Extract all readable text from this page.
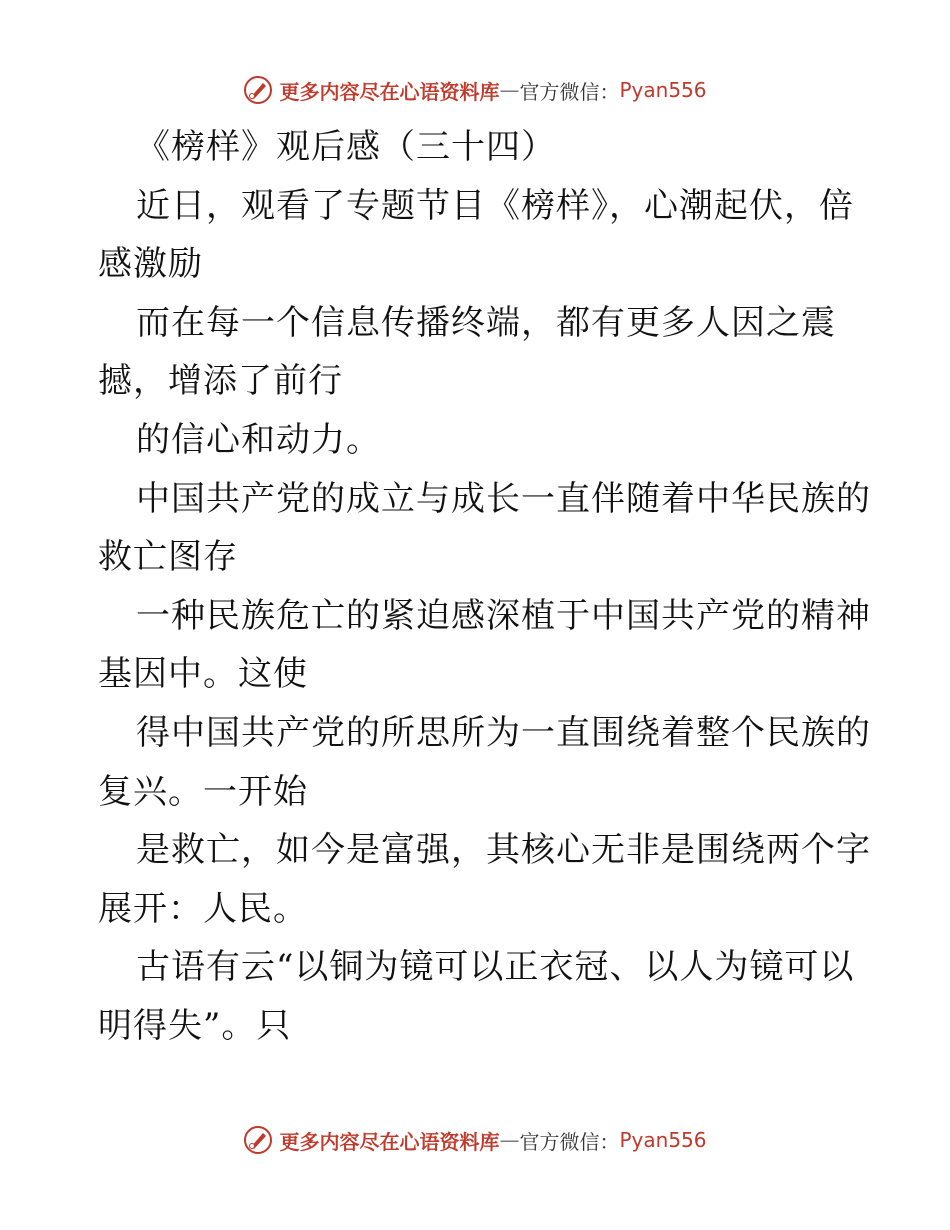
更多内容尽在心语资料库 — 官方微信： Pyan556
《榜样》观后感（三十四）
近日，观看了专题节目《榜样》，心潮起伏，倍
感激励
而在每一个信息传播终端，都有更多人因之震
撼，增添了前行
的信心和动力。
中国共产党的成立与成长一直伴随着中华民族的
救亡图存
一种民族危亡的紧迫感深植于中国共产党的精神
基因中。这使
得中国共产党的所思所为一直围绕着整个民族的
复兴。一开始
是救亡，如今是富强，其核心无非是围绕两个字
展开：人民。
古语有云“以铜为镜可以正衣冠、以人为镜可以
明得失”。只
更多内容尽在心语资料库 — 官方微信： Pyan556
